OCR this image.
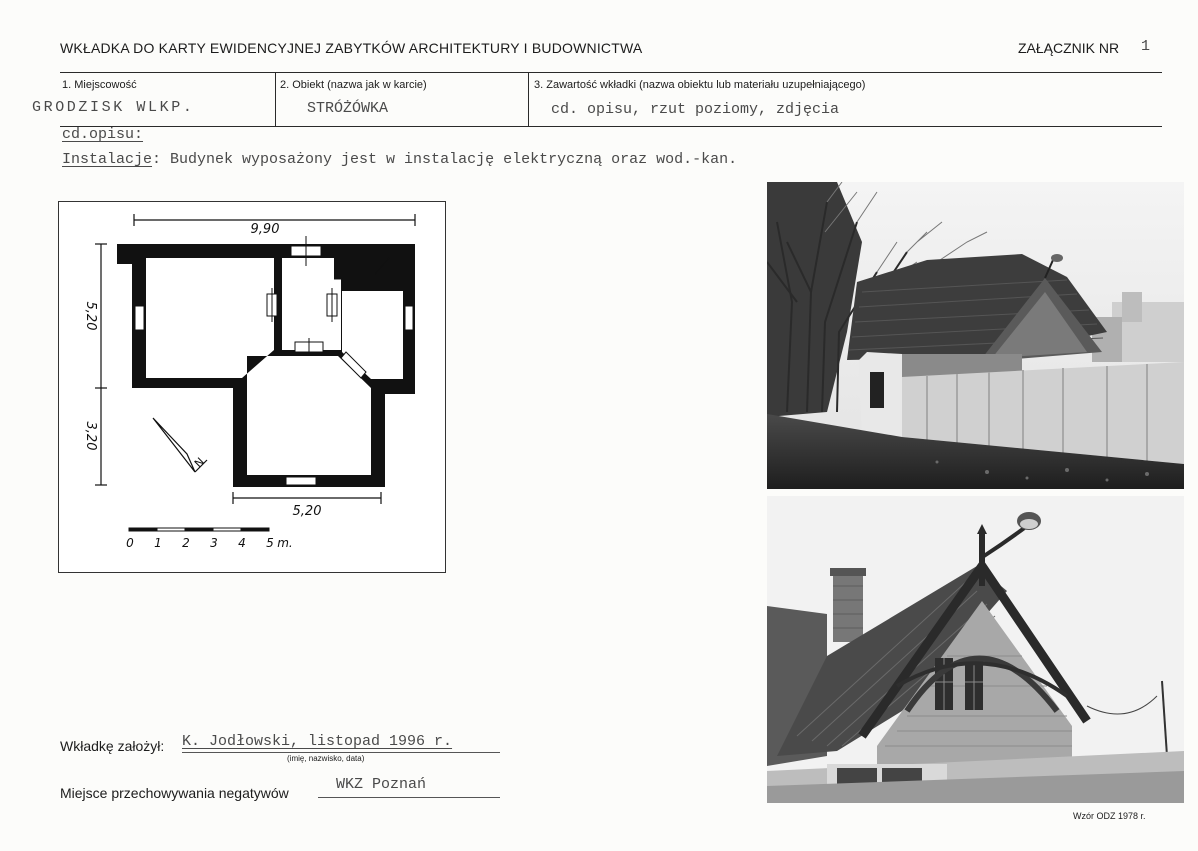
WKŁADKA DO KARTY EWIDENCYJNEJ ZABYTKÓW ARCHITEKTURY I BUDOWNICTWA	ZAŁĄCZNIK NR 1
1. Miejscowość	2. Obiekt (nazwa jak w karcie)	3. Zawartość wkładki (nazwa obiektu lub materiału uzupełniającego)
GRODZISK WLKP.	STRÓŻÓWKA	cd. opisu, rzut poziomy, zdjęcia
cd.opisu:
Instalacje: Budynek wyposażony jest w instalację elektryczną oraz wod.-kan.
9,90
5,20
3,20
5,20
N
0 1 2 3 4 5 m.
Wkładkę założył: K. Jodłowski, listopad 1996 r.
(imię, nazwisko, data)
Miejsce przechowywania negatywów	WKZ Poznań
Wzór ODZ 1978 r.
